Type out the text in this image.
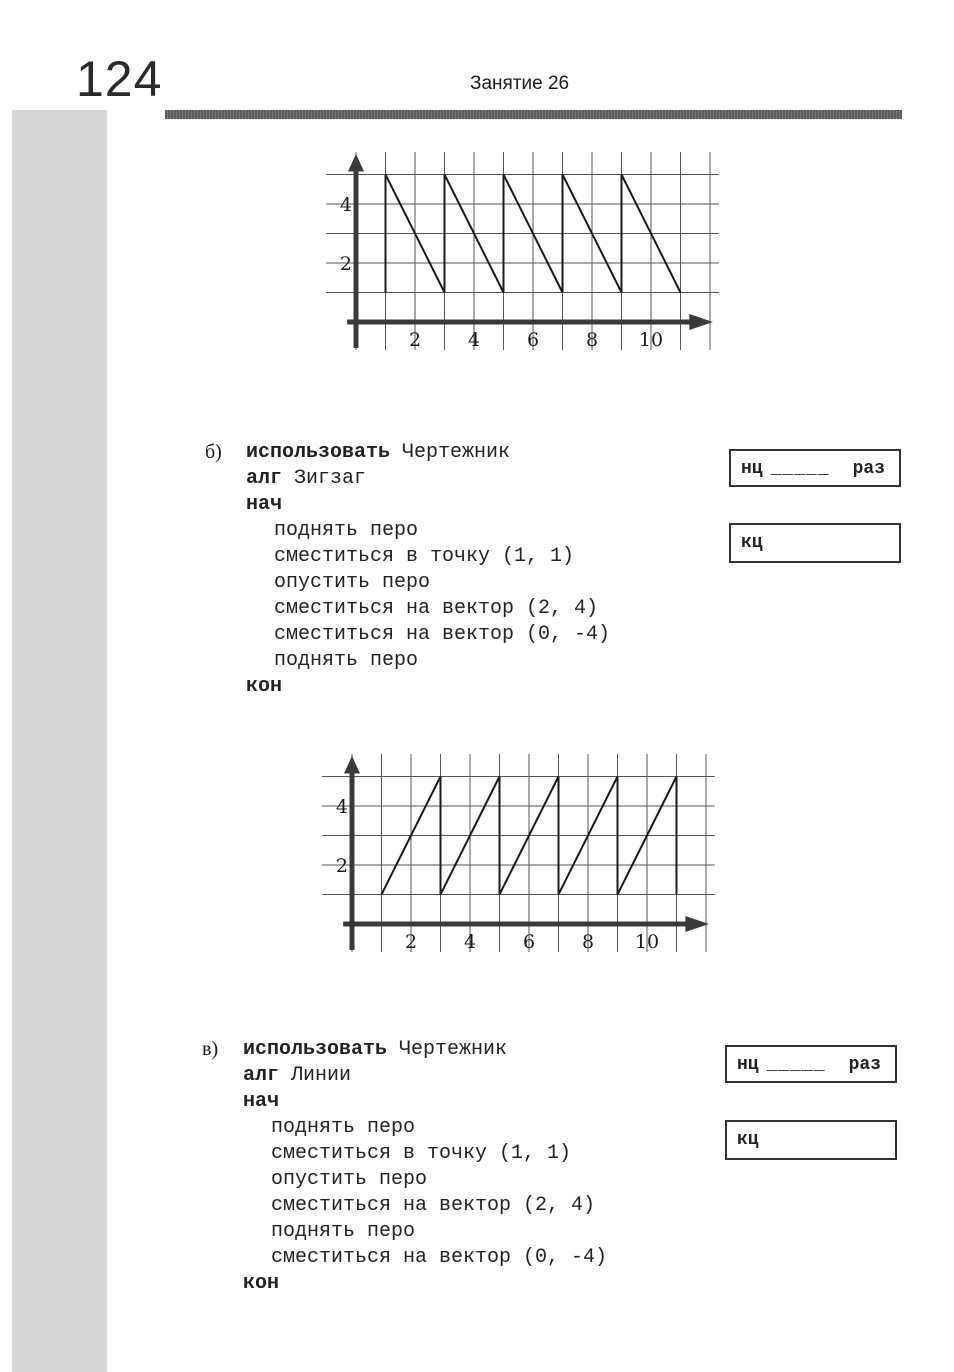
124	Занятие 26
2 4 6 8 10
4
2
б) использовать Чертежник
алг Зигзаг
нач
поднять перо
сместиться в точку (1, 1)
опустить перо
сместиться на вектор (2, 4)
сместиться на вектор (0, -4)
поднять перо
кон
нц _____ раз
кц
2 4 6 8 10
4
2
в) использовать Чертежник
алг Линии
нач
поднять перо
сместиться в точку (1, 1)
опустить перо
сместиться на вектор (2, 4)
поднять перо
сместиться на вектор (0, -4)
кон
нц _____ раз
кц
